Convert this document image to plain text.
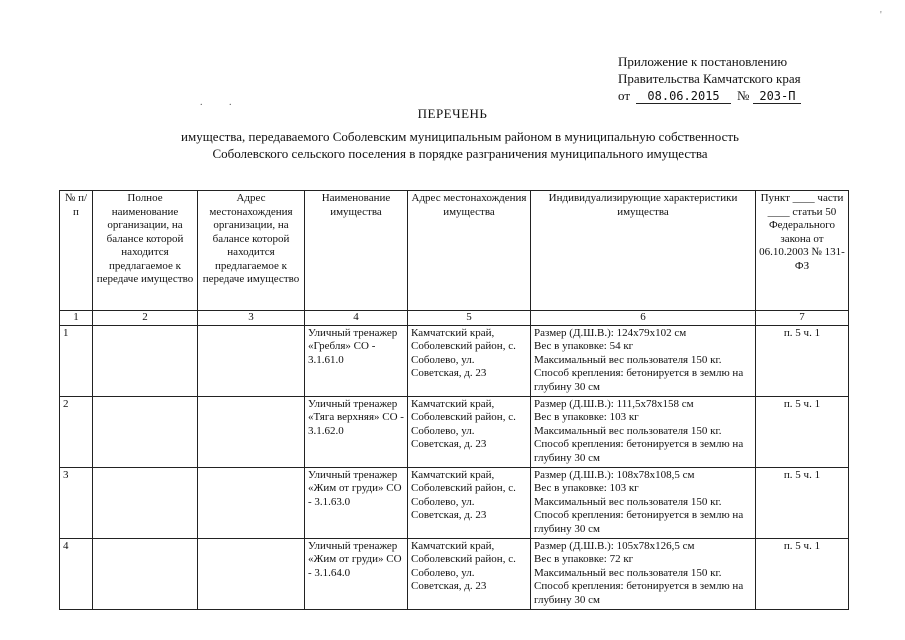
'
. .
Приложение к постановлению
Правительства Камчатского края
от 08.06.2015 № 203-П
ПЕРЕЧЕНЬ
имущества, передаваемого Соболевским муниципальным районом в муниципальную собственность
Соболевского сельского поселения в порядке разграничения муниципального имущества
№ п/п	Полное наименование организации, на балансе которой находится предлагаемое к передаче имущество	Адрес местонахождения организации, на балансе которой находится предлагаемое к передаче имущество	Наименование имущества	Адрес местонахождения имущества	Индивидуализирующие характеристики имущества	Пункт ____ части ____ статьи 50 Федерального закона от 06.10.2003 № 131-ФЗ
1	2	3	4	5	6	7
1			Уличный тренажер «Гребля» СО - 3.1.61.0	Камчатский край, Соболевский район, с. Соболево, ул. Советская, д. 23	Размер (Д.Ш.В.): 124х79х102 см
Вес в упаковке: 54 кг
Максимальный вес пользователя 150 кг.
Способ крепления: бетонируется в землю на глубину 30 см	п. 5 ч. 1
2			Уличный тренажер «Тяга верхняя» СО - 3.1.62.0	Камчатский край, Соболевский район, с. Соболево, ул. Советская, д. 23	Размер (Д.Ш.В.): 111,5х78х158 см
Вес в упаковке: 103 кг
Максимальный вес пользователя 150 кг.
Способ крепления: бетонируется в землю на глубину 30 см	п. 5 ч. 1
3			Уличный тренажер «Жим от груди» СО - 3.1.63.0	Камчатский край, Соболевский район, с. Соболево, ул. Советская, д. 23	Размер (Д.Ш.В.): 108х78х108,5 см
Вес в упаковке: 103 кг
Максимальный вес пользователя 150 кг.
Способ крепления: бетонируется в землю на глубину 30 см	п. 5 ч. 1
4			Уличный тренажер «Жим от груди» СО - 3.1.64.0	Камчатский край, Соболевский район, с. Соболево, ул. Советская, д. 23	Размер (Д.Ш.В.): 105х78х126,5 см
Вес в упаковке: 72 кг
Максимальный вес пользователя 150 кг.
Способ крепления: бетонируется в землю на глубину 30 см	п. 5 ч. 1
